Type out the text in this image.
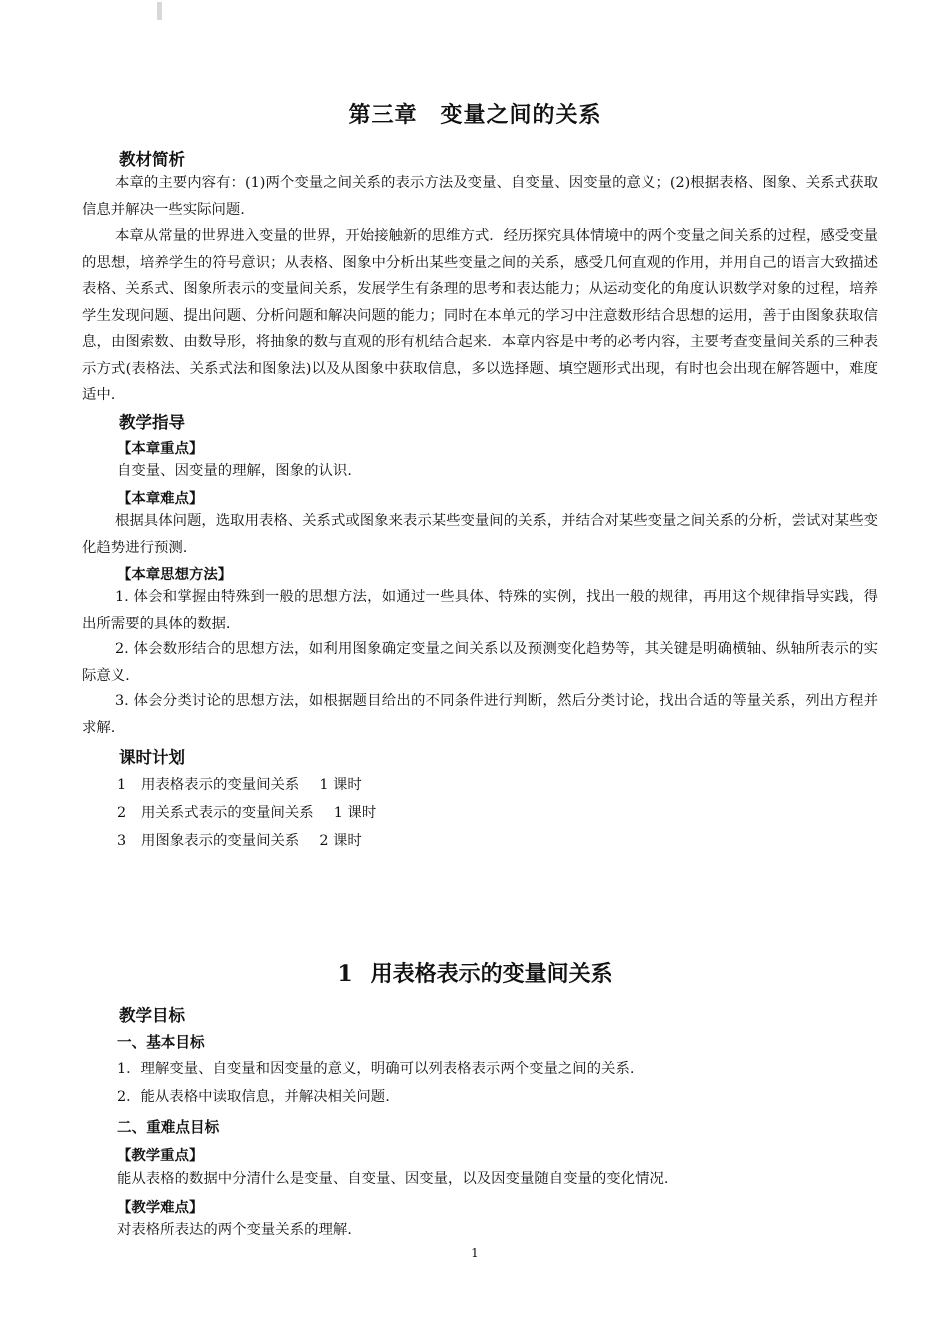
第三章　变量之间的关系
教材简析
本章的主要内容有：(1)两个变量之间关系的表示方法及变量、自变量、因变量的意义；(2)根据表格、图象、关系式获取信息并解决一些实际问题.
本章从常量的世界进入变量的世界，开始接触新的思维方式．经历探究具体情境中的两个变量之间关系的过程，感受变量的思想，培养学生的符号意识；从表格、图象中分析出某些变量之间的关系，感受几何直观的作用，并用自己的语言大致描述表格、关系式、图象所表示的变量间关系，发展学生有条理的思考和表达能力；从运动变化的角度认识数学对象的过程，培养学生发现问题、提出问题、分析问题和解决问题的能力；同时在本单元的学习中注意数形结合思想的运用，善于由图象获取信息，由图索数、由数导形，将抽象的数与直观的形有机结合起来．本章内容是中考的必考内容，主要考查变量间关系的三种表示方式(表格法、关系式法和图象法)以及从图象中获取信息，多以选择题、填空题形式出现，有时也会出现在解答题中，难度适中.
教学指导
【本章重点】
自变量、因变量的理解，图象的认识.
【本章难点】
根据具体问题，选取用表格、关系式或图象来表示某些变量间的关系，并结合对某些变量之间关系的分析，尝试对某些变化趋势进行预测.
【本章思想方法】
1. 体会和掌握由特殊到一般的思想方法，如通过一些具体、特殊的实例，找出一般的规律，再用这个规律指导实践，得出所需要的具体的数据.
2. 体会数形结合的思想方法，如利用图象确定变量之间关系以及预测变化趋势等，其关键是明确横轴、纵轴所表示的实际意义.
3. 体会分类讨论的思想方法，如根据题目给出的不同条件进行判断，然后分类讨论，找出合适的等量关系，列出方程并求解.
课时计划
1 用表格表示的变量间关系 1 课时
2 用关系式表示的变量间关系 1 课时
3 用图象表示的变量间关系 2 课时
1 用表格表示的变量间关系
教学目标
一、基本目标
1．理解变量、自变量和因变量的意义，明确可以列表格表示两个变量之间的关系.
2．能从表格中读取信息，并解决相关问题.
二、重难点目标
【教学重点】
能从表格的数据中分清什么是变量、自变量、因变量，以及因变量随自变量的变化情况.
【教学难点】
对表格所表达的两个变量关系的理解.
1
